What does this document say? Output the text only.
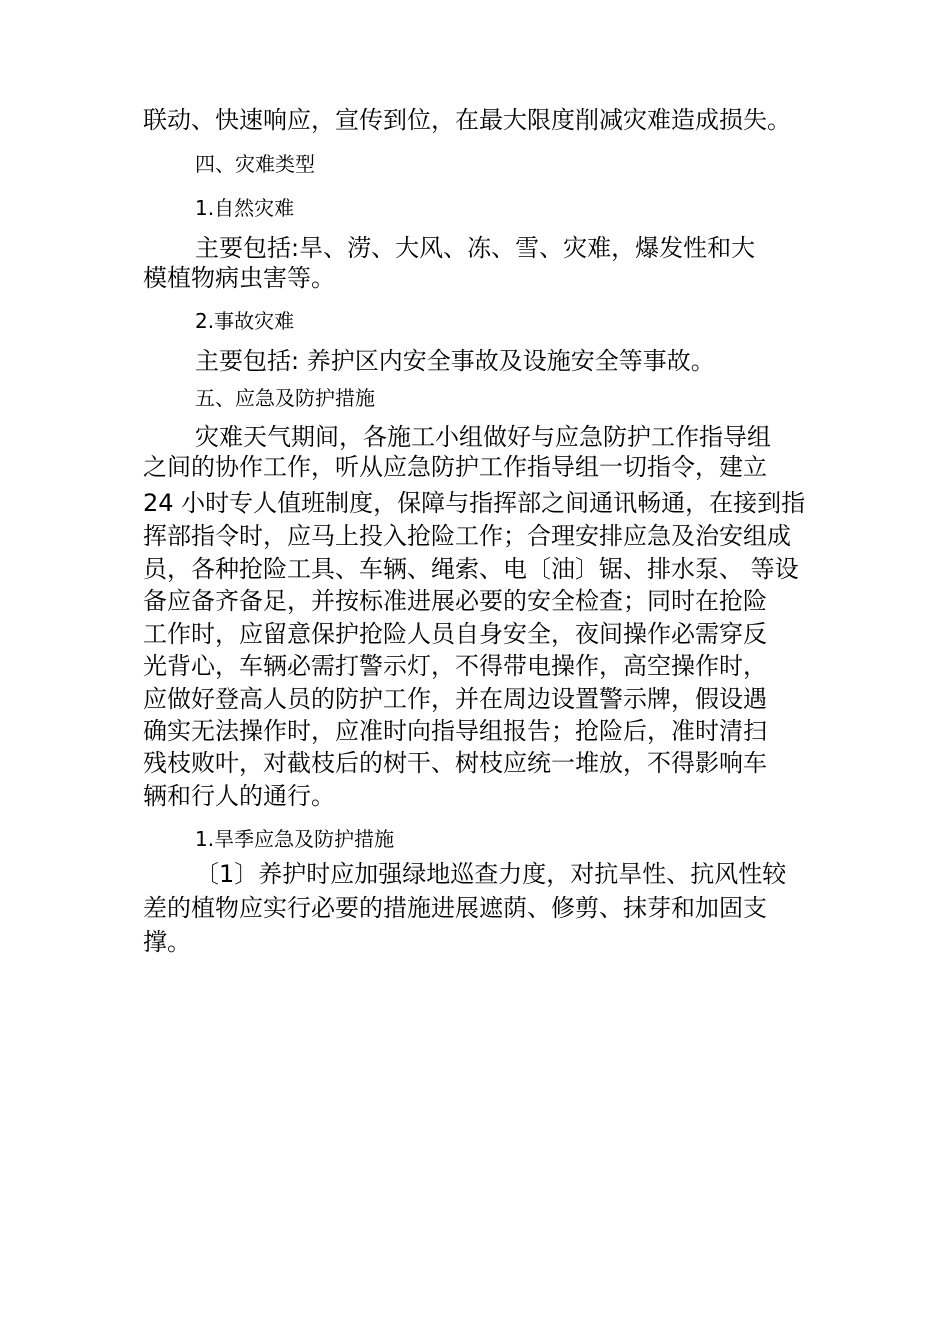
联动、快速响应，宣传到位，在最大限度削减灾难造成损失。
四、灾难类型
1.自然灾难
主要包括:旱、涝、大风、冻、雪、灾难，爆发性和大
模植物病虫害等。
2.事故灾难
主要包括: 养护区内安全事故及设施安全等事故。
五、应急及防护措施
灾难天气期间，各施工小组做好与应急防护工作指导组
之间的协作工作，听从应急防护工作指导组一切指令，建立
24 小时专人值班制度，保障与指挥部之间通讯畅通，在接到指
挥部指令时，应马上投入抢险工作；合理安排应急及治安组成
员，各种抢险工具、车辆、绳索、电〔油〕锯、排水泵、 等设
备应备齐备足，并按标准进展必要的安全检查；同时在抢险
工作时，应留意保护抢险人员自身安全，夜间操作必需穿反
光背心，车辆必需打警示灯，不得带电操作，高空操作时，
应做好登高人员的防护工作，并在周边设置警示牌，假设遇
确实无法操作时，应准时向指导组报告；抢险后，准时清扫
残枝败叶，对截枝后的树干、树枝应统一堆放，不得影响车
辆和行人的通行。
1.旱季应急及防护措施
〔1〕养护时应加强绿地巡查力度，对抗旱性、抗风性较
差的植物应实行必要的措施进展遮荫、修剪、抹芽和加固支
撑。
